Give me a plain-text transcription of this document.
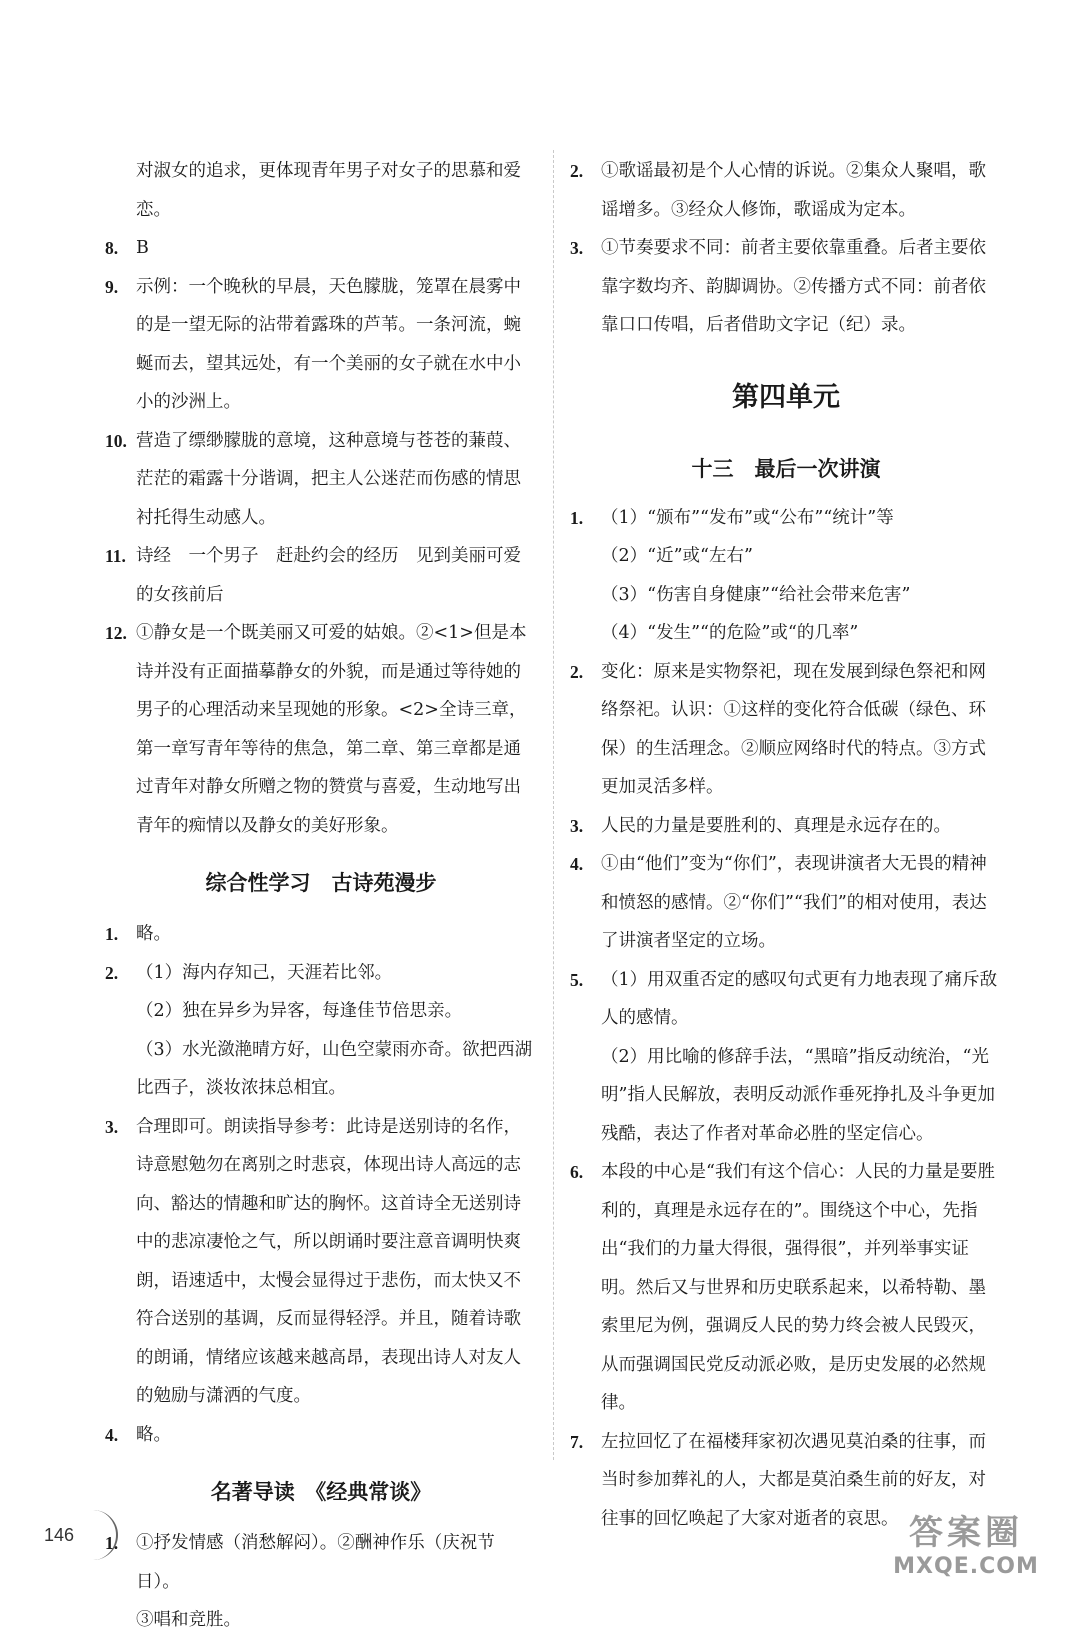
对淑女的追求，更体现青年男子对女子的思慕和爱恋。
8.	B
9.	示例：一个晚秋的早晨，天色朦胧，笼罩在晨雾中的是一望无际的沾带着露珠的芦苇。一条河流，蜿蜒而去，望其远处，有一个美丽的女子就在水中小小的沙洲上。
10. 营造了缥缈朦胧的意境，这种意境与苍苍的蒹葭、茫茫的霜露十分谐调，把主人公迷茫而伤感的情思衬托得生动感人。
11. 诗经　一个男子　赶赴约会的经历　见到美丽可爱的女孩前后
12. ①静女是一个既美丽又可爱的姑娘。②<1>但是本诗并没有正面描摹静女的外貌，而是通过等待她的男子的心理活动来呈现她的形象。<2>全诗三章，第一章写青年等待的焦急，第二章、第三章都是通过青年对静女所赠之物的赞赏与喜爱，生动地写出青年的痴情以及静女的美好形象。
综合性学习　古诗苑漫步
1.	略。
2.	（1）海内存知己，天涯若比邻。
（2）独在异乡为异客，每逢佳节倍思亲。
（3）水光潋滟晴方好，山色空蒙雨亦奇。欲把西湖比西子，淡妆浓抹总相宜。
3.	合理即可。朗读指导参考：此诗是送别诗的名作，诗意慰勉勿在离别之时悲哀，体现出诗人高远的志向、豁达的情趣和旷达的胸怀。这首诗全无送别诗中的悲凉凄怆之气，所以朗诵时要注意音调明快爽朗，语速适中，太慢会显得过于悲伤，而太快又不符合送别的基调，反而显得轻浮。并且，随着诗歌的朗诵，情绪应该越来越高昂，表现出诗人对友人的勉励与潇洒的气度。
4.	略。
名著导读　《经典常谈》
1.	①抒发情感（消愁解闷）。②酬神作乐（庆祝节日）。
③唱和竞胜。
2.	①歌谣最初是个人心情的诉说。②集众人聚唱，歌谣增多。③经众人修饰，歌谣成为定本。
3.	①节奏要求不同：前者主要依靠重叠。后者主要依靠字数均齐、韵脚调协。②传播方式不同：前者依靠口口传唱，后者借助文字记（纪）录。
第四单元
十三　最后一次讲演
1.	（1）“颁布”“发布”或“公布”“统计”等
（2）“近”或“左右”
（3）“伤害自身健康”“给社会带来危害”
（4）“发生”“的危险”或“的几率”
2.	变化：原来是实物祭祀，现在发展到绿色祭祀和网络祭祀。认识：①这样的变化符合低碳（绿色、环保）的生活理念。②顺应网络时代的特点。③方式更加灵活多样。
3.	人民的力量是要胜利的、真理是永远存在的。
4.	①由“他们”变为“你们”，表现讲演者大无畏的精神和愤怒的感情。②“你们”“我们”的相对使用，表达了讲演者坚定的立场。
5.	（1）用双重否定的感叹句式更有力地表现了痛斥敌人的感情。
（2）用比喻的修辞手法，“黑暗”指反动统治，“光明”指人民解放，表明反动派作垂死挣扎及斗争更加残酷，表达了作者对革命必胜的坚定信心。
6.	本段的中心是“我们有这个信心：人民的力量是要胜利的，真理是永远存在的”。围绕这个中心，先指出“我们的力量大得很，强得很”，并列举事实证明。然后又与世界和历史联系起来，以希特勒、墨索里尼为例，强调反人民的势力终会被人民毁灭，从而强调国民党反动派必败，是历史发展的必然规律。
7.	左拉回忆了在福楼拜家初次遇见莫泊桑的往事，而当时参加葬礼的人，大都是莫泊桑生前的好友，对往事的回忆唤起了大家对逝者的哀思。
146	答案圈
MXQE.COM
